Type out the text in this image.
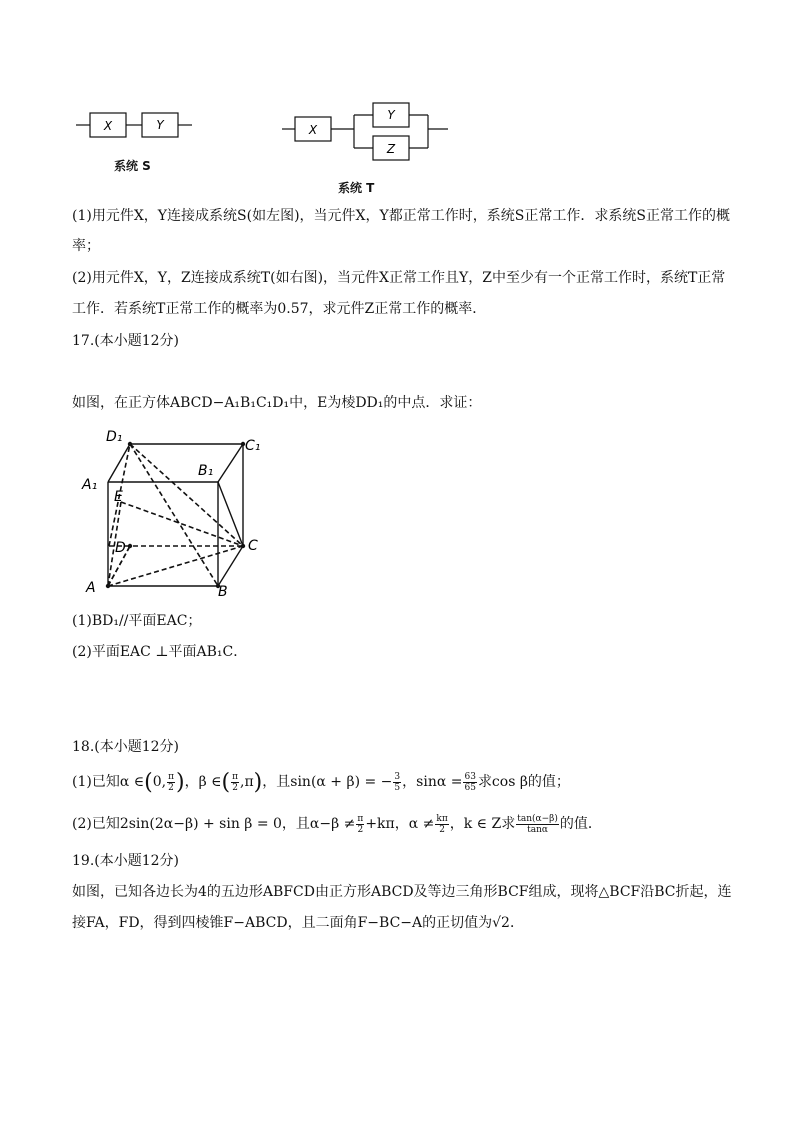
X	Y
系统 S
X
Y
Z
系统 T
(1)用元件X，Y连接成系统S(如左图)，当元件X，Y都正常工作时，系统S正常工作．求系统S正常工作的概
率；
(2)用元件X，Y，Z连接成系统T(如右图)，当元件X正常工作且Y，Z中至少有一个正常工作时，系统T正常
工作．若系统T正常工作的概率为0.57，求元件Z正常工作的概率．
17.(本小题12分)
如图，在正方体ABCD−A₁B₁C₁D₁中，E为棱DD₁的中点．求证：
D₁
C₁
B₁
A₁
E
D	C
A	B
(1)BD₁//平面EAC；
(2)平面EAC ⊥平面AB₁C．
18.(本小题12分)
(1)已知α ∈(0, $\frac{\pi}{2}$ )，β ∈( $\frac{\pi}{2} ,\pi$)，且sin(α + β) = − $\frac{3}{5}$ ，$\sin\alpha = \frac{63}{65}$ 求cos β的值；
(2)已知2sin(2α−β) + sin β = 0，且$\alpha-\beta \ne \frac{\pi}{2} +k\pi$，$\alpha \ne \frac{k\pi}{2}$ ，k ∈ Z求 $\frac{\tan(\alpha-\beta)}{\tan\alpha}$ 的值．
19.(本小题12分)
如图，已知各边长为4的五边形ABFCD由正方形ABCD及等边三角形BCF组成，现将△BCF沿BC折起，连
接FA，FD，得到四棱锥F−ABCD，且二面角F−BC−A的正切值为√2．
